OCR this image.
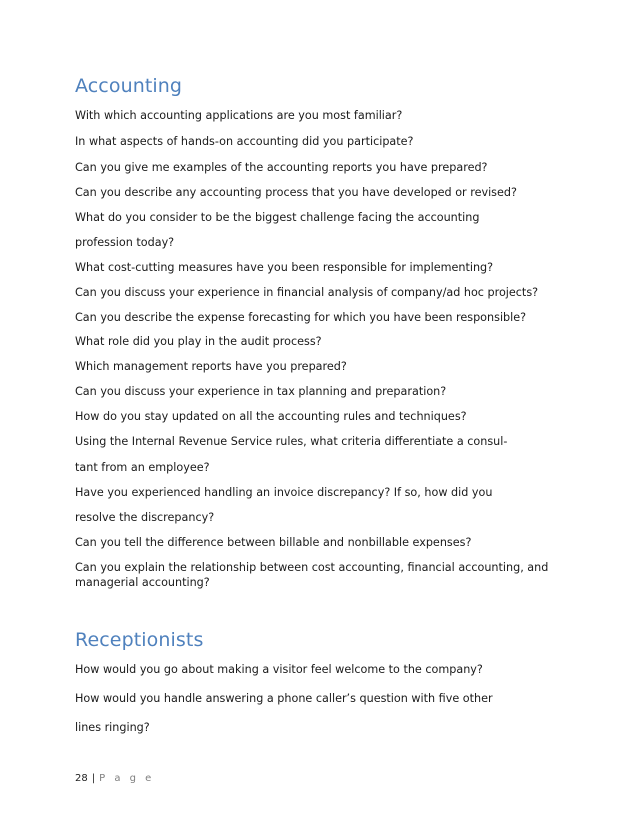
Accounting

With which accounting applications are you most familiar?

In what aspects of hands-on accounting did you participate?

Can you give me examples of the accounting reports you have prepared?

Can you describe any accounting process that you have developed or revised?

What do you consider to be the biggest challenge facing the accounting

profession today?

What cost-cutting measures have you been responsible for implementing?

Can you discuss your experience in financial analysis of company/ad hoc projects?

Can you describe the expense forecasting for which you have been responsible?

What role did you play in the audit process?

Which management reports have you prepared?

Can you discuss your experience in tax planning and preparation?

How do you stay updated on all the accounting rules and techniques?

Using the Internal Revenue Service rules, what criteria differentiate a consul-

tant from an employee?

Have you experienced handling an invoice discrepancy? If so, how did you

resolve the discrepancy?

Can you tell the difference between billable and nonbillable expenses?

Can you explain the relationship between cost accounting, financial accounting, and

managerial accounting?

Receptionists

How would you go about making a visitor feel welcome to the company?

How would you handle answering a phone caller’s question with five other

lines ringing?

28 | P a g e
